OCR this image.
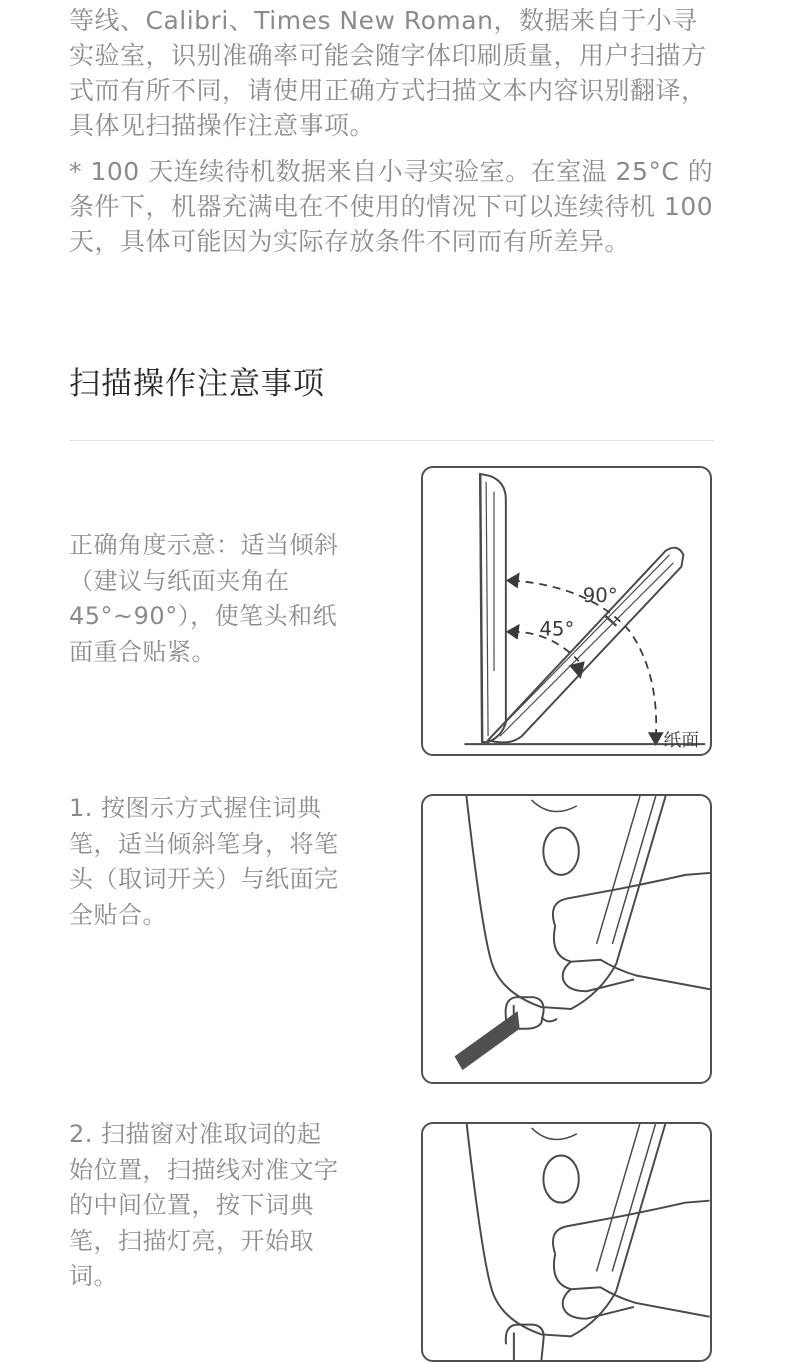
等线、Calibri、Times New Roman，数据来自于小寻实验室，识别准确率可能会随字体印刷质量，用户扫描方式而有所不同，请使用正确方式扫描文本内容识别翻译，具体见扫描操作注意事项。

* 100 天连续待机数据来自小寻实验室。在室温 25°C 的条件下，机器充满电在不使用的情况下可以连续待机 100 天，具体可能因为实际存放条件不同而有所差异。

扫描操作注意事项

正确角度示意：适当倾斜（建议与纸面夹角在45°~90°），使笔头和纸面重合贴紧。

90°
45°
纸面

1. 按图示方式握住词典笔，适当倾斜笔身，将笔头（取词开关）与纸面完全贴合。

2. 扫描窗对准取词的起始位置，扫描线对准文字的中间位置，按下词典笔，扫描灯亮，开始取词。
